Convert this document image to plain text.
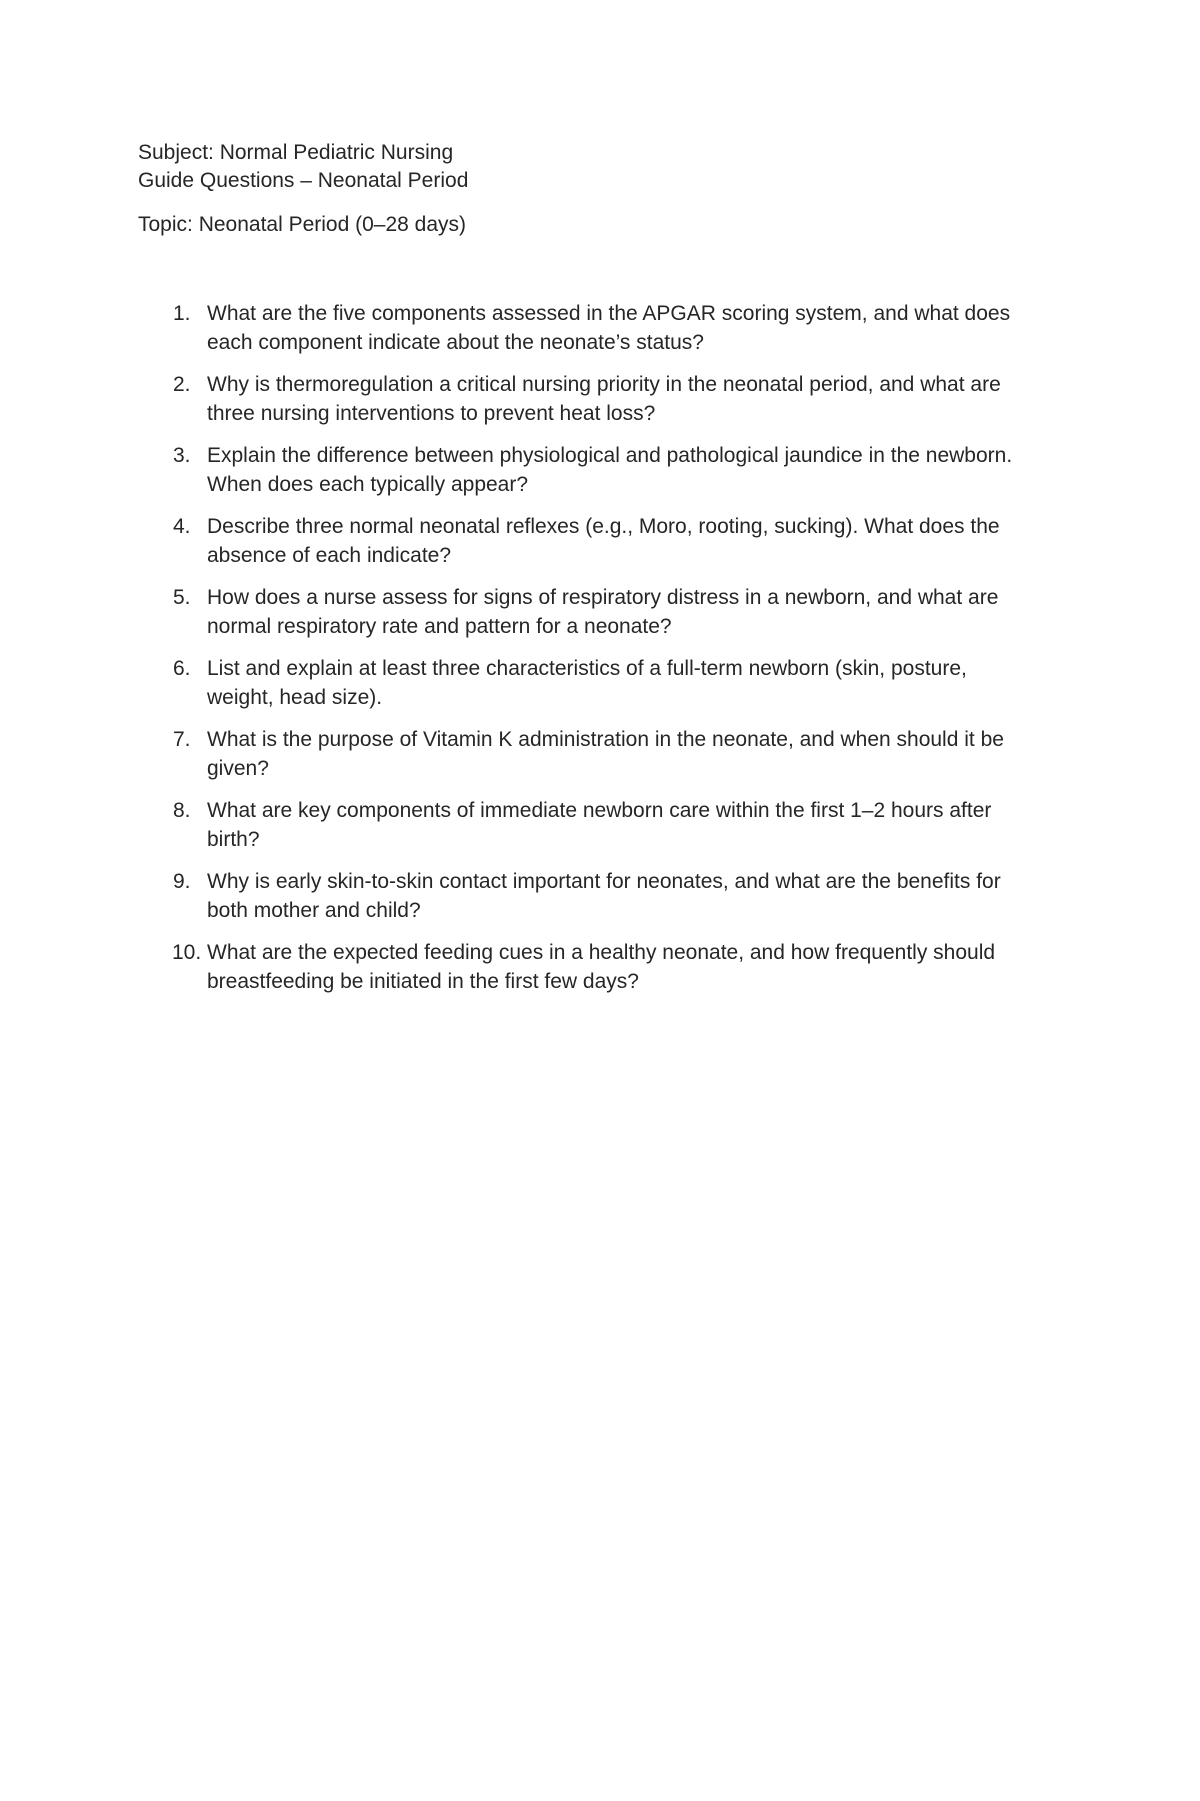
Subject: Normal Pediatric Nursing
Guide Questions – Neonatal Period
Topic: Neonatal Period (0–28 days)
1. What are the five components assessed in the APGAR scoring system, and what does each component indicate about the neonate’s status?
2. Why is thermoregulation a critical nursing priority in the neonatal period, and what are three nursing interventions to prevent heat loss?
3. Explain the difference between physiological and pathological jaundice in the newborn. When does each typically appear?
4. Describe three normal neonatal reflexes (e.g., Moro, rooting, sucking). What does the absence of each indicate?
5. How does a nurse assess for signs of respiratory distress in a newborn, and what are normal respiratory rate and pattern for a neonate?
6. List and explain at least three characteristics of a full-term newborn (skin, posture, weight, head size).
7. What is the purpose of Vitamin K administration in the neonate, and when should it be given?
8. What are key components of immediate newborn care within the first 1–2 hours after birth?
9. Why is early skin-to-skin contact important for neonates, and what are the benefits for both mother and child?
10. What are the expected feeding cues in a healthy neonate, and how frequently should breastfeeding be initiated in the first few days?
